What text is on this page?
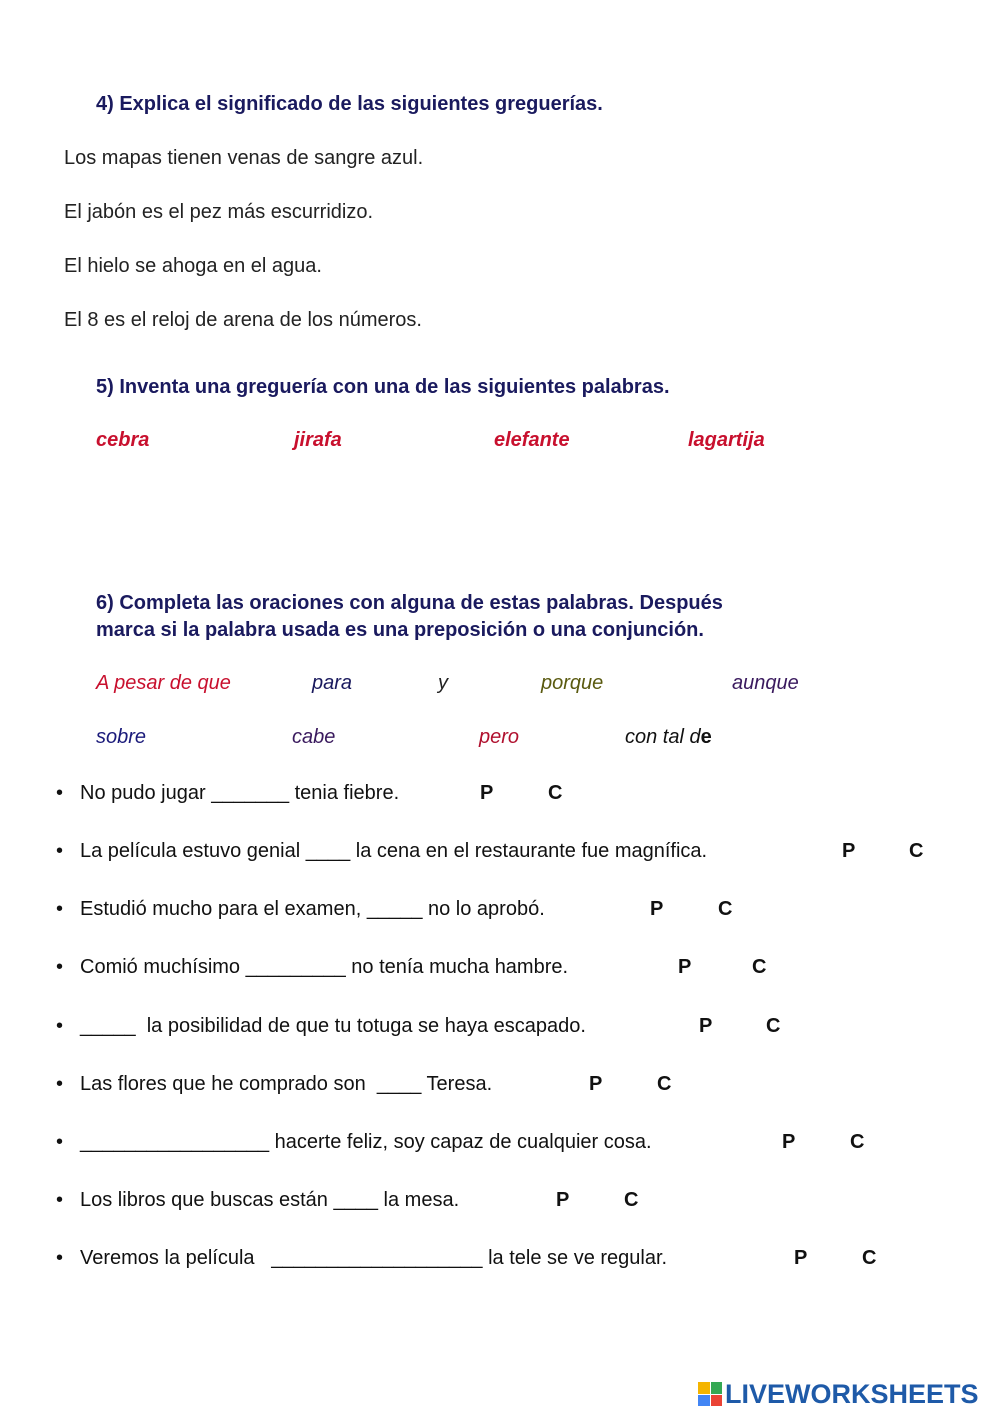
4) Explica el significado de las siguientes greguerías.
Los mapas tienen venas de sangre azul.
El jabón es el pez más escurridizo.
El hielo se ahoga en el agua.
El 8 es el reloj de arena de los números.
5) Inventa una greguería con una de las siguientes palabras.
cebra	jirafa	elefante	lagartija
6) Completa las oraciones con alguna de estas palabras. Después
marca si la palabra usada es una preposición o una conjunción.
A pesar de que	para	y	porque	aunque
sobre	cabe	pero	con tal de
• No pudo jugar _______ tenia fiebre.	P	C
• La película estuvo genial ____ la cena en el restaurante fue magnífica.	P	C
• Estudió mucho para el examen, _____ no lo aprobó.	P	C
• Comió muchísimo _________ no tenía mucha hambre.	P	C
• _____  la posibilidad de que tu totuga se haya escapado.	P	C
• Las flores que he comprado son  ____ Teresa.	P	C
• _________________ hacerte feliz, soy capaz de cualquier cosa.	P	C
• Los libros que buscas están ____ la mesa.	P	C
• Veremos la película   ___________________ la tele se ve regular.	P	C
LIVEWORKSHEETS
